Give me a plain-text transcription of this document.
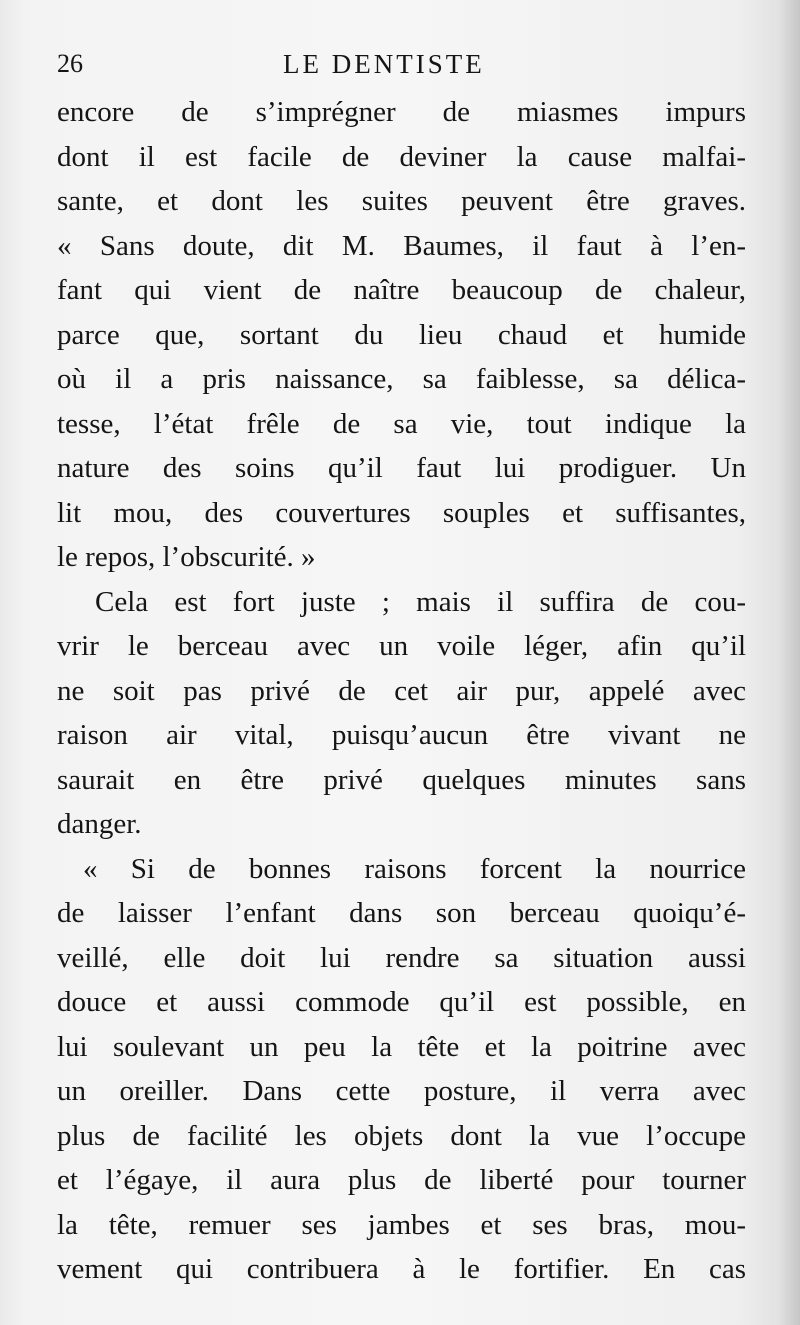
26	LE DENTISTE
encore de s’imprégner de miasmes impurs
dont il est facile de deviner la cause malfai-
sante, et dont les suites peuvent être graves.
« Sans doute, dit M. Baumes, il faut à l’en-
fant qui vient de naître beaucoup de chaleur,
parce que, sortant du lieu chaud et humide
où il a pris naissance, sa faiblesse, sa délica-
tesse, l’état frêle de sa vie, tout indique la
nature des soins qu’il faut lui prodiguer. Un
lit mou, des couvertures souples et suffisantes,
le repos, l’obscurité. »
Cela est fort juste ; mais il suffira de cou-
vrir le berceau avec un voile léger, afin qu’il
ne soit pas privé de cet air pur, appelé avec
raison air vital, puisqu’aucun être vivant ne
saurait en être privé quelques minutes sans
danger.
« Si de bonnes raisons forcent la nourrice
de laisser l’enfant dans son berceau quoiqu’é-
veillé, elle doit lui rendre sa situation aussi
douce et aussi commode qu’il est possible, en
lui soulevant un peu la tête et la poitrine avec
un oreiller. Dans cette posture, il verra avec
plus de facilité les objets dont la vue l’occupe
et l’égaye, il aura plus de liberté pour tourner
la tête, remuer ses jambes et ses bras, mou-
vement qui contribuera à le fortifier. En cas
